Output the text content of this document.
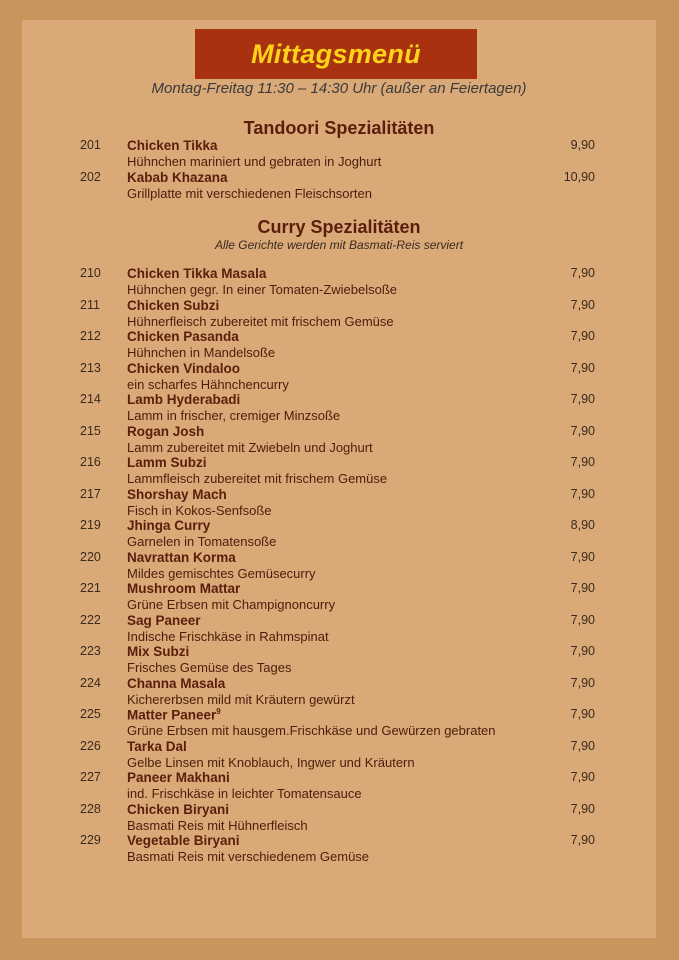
Mittagsmenü
Montag-Freitag 11:30 – 14:30 Uhr (außer an Feiertagen)
Tandoori Spezialitäten
201 Chicken Tikka	9,90
Hühnchen mariniert und gebraten in Joghurt
202 Kabab Khazana	10,90
Grillplatte mit verschiedenen Fleischsorten
Curry Spezialitäten
Alle Gerichte werden mit Basmati-Reis serviert
210 Chicken Tikka Masala	7,90
Hühnchen gegr. In einer Tomaten-Zwiebelsoße
211 Chicken Subzi	7,90
Hühnerfleisch zubereitet mit frischem Gemüse
212 Chicken Pasanda	7,90
Hühnchen in Mandelsoße
213 Chicken Vindaloo	7,90
ein scharfes Hähnchencurry
214 Lamb Hyderabadi	7,90
Lamm in frischer, cremiger Minzsoße
215 Rogan Josh	7,90
Lamm zubereitet mit Zwiebeln und Joghurt
216 Lamm Subzi	7,90
Lammfleisch zubereitet mit frischem Gemüse
217 Shorshay Mach	7,90
Fisch in Kokos-Senfsoße
219 Jhinga Curry	8,90
Garnelen in Tomatensoße
220 Navrattan Korma	7,90
Mildes gemischtes Gemüsecurry
221 Mushroom Mattar	7,90
Grüne Erbsen mit Champignoncurry
222 Sag Paneer	7,90
Indische Frischkäse in Rahmspinat
223 Mix Subzi	7,90
Frisches Gemüse des Tages
224 Channa Masala	7,90
Kichererbsen mild mit Kräutern gewürzt
225 Matter Paneer$^9$	7,90
Grüne Erbsen mit hausgem.Frischkäse und Gewürzen gebraten
226 Tarka Dal	7,90
Gelbe Linsen mit Knoblauch, Ingwer und Kräutern
227 Paneer Makhani	7,90
ind. Frischkäse in leichter Tomatensauce
228 Chicken Biryani	7,90
Basmati Reis mit Hühnerfleisch
229 Vegetable Biryani	7,90
Basmati Reis mit verschiedenem Gemüse
